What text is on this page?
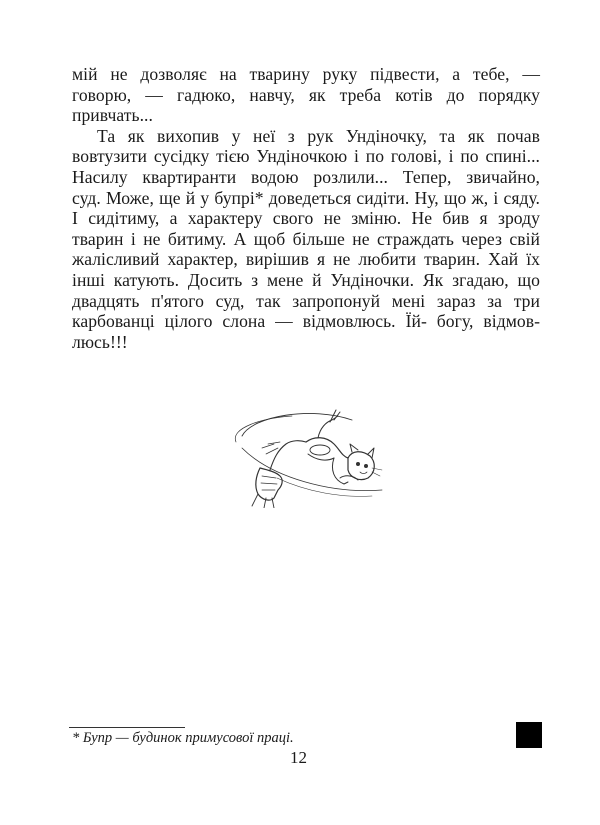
мій не дозволяє на тварину руку підвести, а тебе, —
говорю, — гадюко, навчу, як треба котів до порядку
привчать...
Та як вихопив у неї з рук Ундіночку, та як почав
вовтузити сусідку тією Ундіночкою і по голові, і по спині...
Насилу квартиранти водою розлили... Тепер, звичайно,
суд. Може, ще й у бупрі* доведеться сидіти. Ну, що ж, і сяду.
І сидітиму, а характеру свого не зміню. Не бив я зроду
тварин і не битиму. А щоб більше не страждать через свій
жалісливий характер, вирішив я не любити тварин. Хай їх
інші катують. Досить з мене й Ундіночки. Як згадаю, що
двадцять п'ятого суд, так запропонуй мені зараз за три
карбованці цілого слона — відмовлюсь. Їй- богу, відмов-
люсь!!!
* Бупр — будинок примусової праці.
12
